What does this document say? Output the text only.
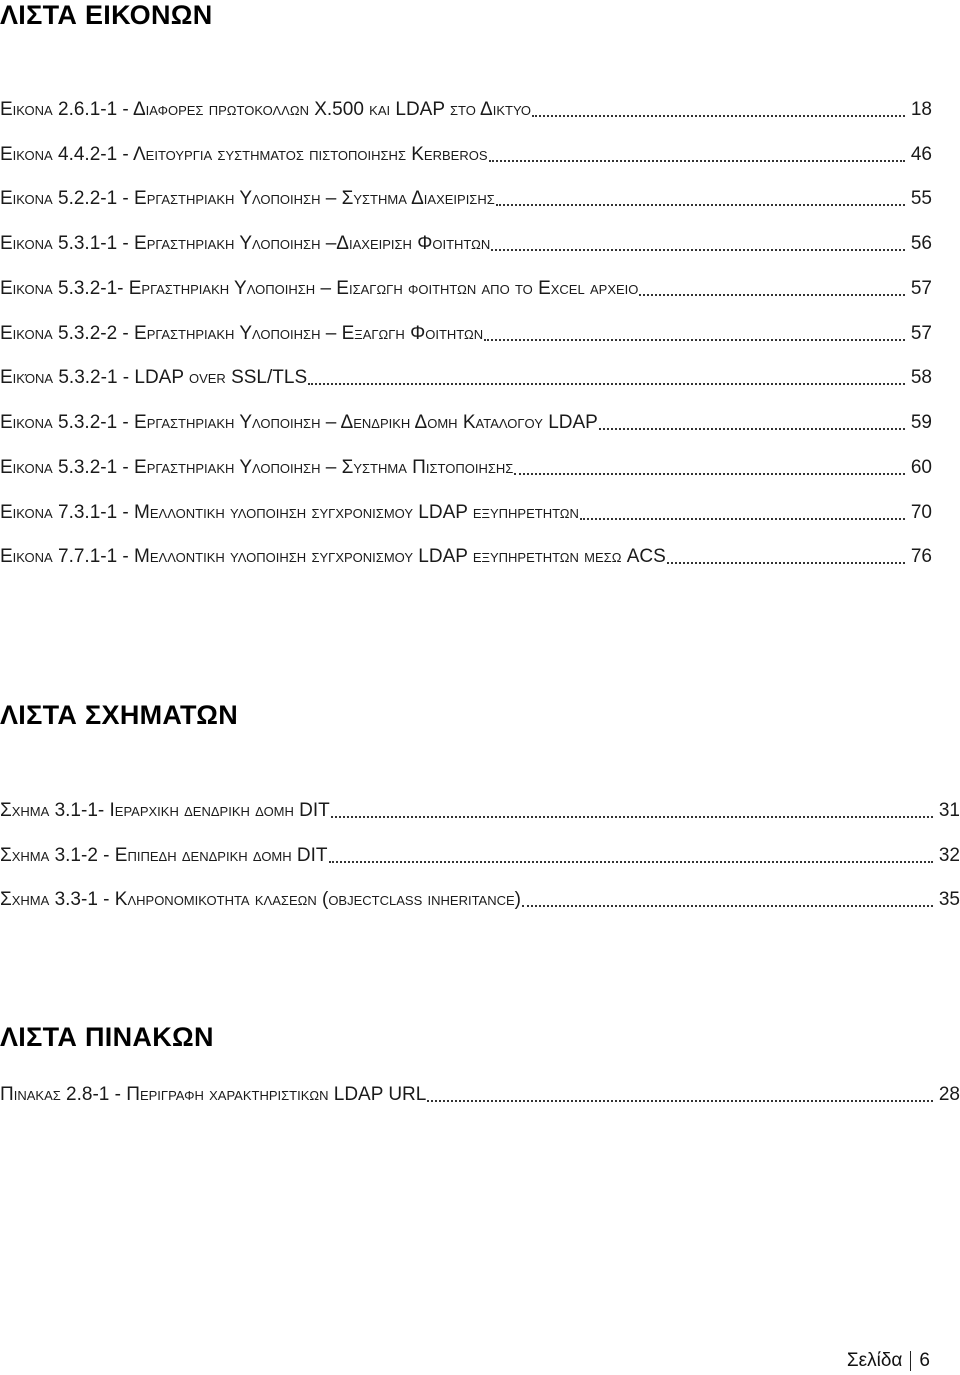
ΛΙΣΤΑ ΕΙΚΟΝΩΝ
Εικονα 2.6.1-1 - Διαφορες πρωτοκολλων Χ.500 και LDAP στο Δικτυο	18
Εικονα 4.4.2-1 - Λειτουργια συστηματος πιστοποιησης Kerberos	46
Εικονα 5.2.2-1 - Εργαστηριακη Υλοποιηση – Συστημα Διαχειρισης	55
Εικονα 5.3.1-1 - Εργαστηριακη Υλοποιηση –Διαχειριση Φοιτητων	56
Εικονα 5.3.2-1- Εργαστηριακη Υλοποιηση – Εισαγωγη φοιτητων απο το Excel αρχειο	57
Εικονα 5.3.2-2 - Εργαστηριακη Υλοποιηση – Εξαγωγη Φοιτητων	57
Εικόνα 5.3.2-1 - LDAP over SSL/TLS	58
Εικονα 5.3.2-1 - Εργαστηριακη Υλοποιηση – Δενδρικη Δομη Καταλογου LDAP	59
Εικονα 5.3.2-1 - Εργαστηριακη Υλοποιηση – Συστημα Πιστοποιησης	60
Εικονα 7.3.1-1 - Μελλοντικη υλοποιηση συγχρονισμου LDAP εξυπηρετητων	70
Εικονα 7.7.1-1 - Μελλοντικη υλοποιηση συγχρονισμου LDAP εξυπηρετητων μεσω ACS	76
ΛΙΣΤΑ ΣΧΗΜΑΤΩΝ
Σχημα 3.1-1- Ιεραρχικη δενδρικη δομη DIT	31
Σχημα 3.1-2 - Επιπεδη δενδρικη δομη DIT	32
Σχημα 3.3-1 - Κληρονομικοτητα κλασεων (objectclass inheritance)	35
ΛΙΣΤΑ ΠΙΝΑΚΩΝ
Πινακας 2.8-1 - Περιγραφη χαρακτηριστικων LDAP URL	28
Σελίδα 6
